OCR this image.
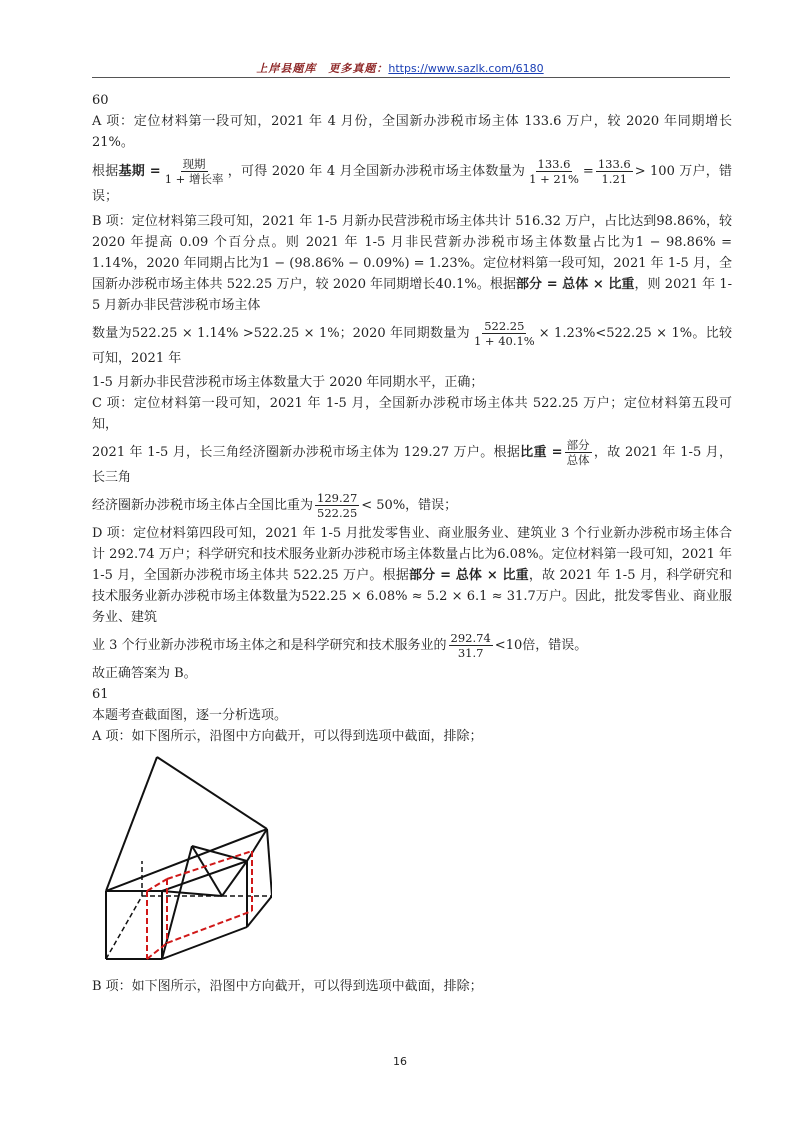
上岸县题库　更多真题：https://www.sazlk.com/6180

60

A 项：定位材料第一段可知，2021 年 4 月份，全国新办涉税市场主体 133.6 万户，较 2020 年同期增长21%。

根据基期 = $\frac{\text{现期}}{\text{1 + 增长率}}$ ，可得 2020 年 4 月全国新办涉税市场主体数量为 $\frac{133.6}{1 + 21\%} = \frac{133.6}{1.21} > 100$ 万户，错误；

B 项：定位材料第三段可知，2021 年 1-5 月新办民营涉税市场主体共计 516.32 万户，占比达到98.86%，较 2020 年提高 0.09 个百分点。则 2021 年 1-5 月非民营新办涉税市场主体数量占比为1 − 98.86% = 1.14%，2020 年同期占比为1 − (98.86% − 0.09%) = 1.23%。定位材料第一段可知，2021 年 1-5 月，全国新办涉税市场主体共 522.25 万户，较 2020 年同期增长40.1%。根据部分 = 总体 × 比重，则 2021 年 1-5 月新办非民营涉税市场主体

数量为522.25 × 1.14% >522.25 × 1%；2020 年同期数量为 $\frac{522.25}{1 + 40.1\%} \times 1.23\%<522.25 \times 1\%$。比较可知，2021 年

1-5 月新办非民营涉税市场主体数量大于 2020 年同期水平，正确；

C 项：定位材料第一段可知，2021 年 1-5 月，全国新办涉税市场主体共 522.25 万户；定位材料第五段可知，

2021 年 1-5 月，长三角经济圈新办涉税市场主体为 129.27 万户。根据比重 = $\frac{\text{部分}}{\text{总体}}$ ，故 2021 年 1-5 月，长三角

经济圈新办涉税市场主体占全国比重为 $\frac{129.27}{522.25} < 50\%$，错误；

D 项：定位材料第四段可知，2021 年 1-5 月批发零售业、商业服务业、建筑业 3 个行业新办涉税市场主体合计 292.74 万户；科学研究和技术服务业新办涉税市场主体数量占比为6.08%。定位材料第一段可知，2021 年 1-5 月，全国新办涉税市场主体共 522.25 万户。根据部分 = 总体 × 比重，故 2021 年 1-5 月，科学研究和技术服务业新办涉税市场主体数量为522.25 × 6.08% ≈ 5.2 × 6.1 ≈ 31.7万户。因此，批发零售业、商业服务业、建筑

业 3 个行业新办涉税市场主体之和是科学研究和技术服务业的 $\frac{292.74}{31.7} <10$倍，错误。

故正确答案为 B。

61

本题考查截面图，逐一分析选项。

A 项：如下图所示，沿图中方向截开，可以得到选项中截面，排除；

B 项：如下图所示，沿图中方向截开，可以得到选项中截面，排除；

16
